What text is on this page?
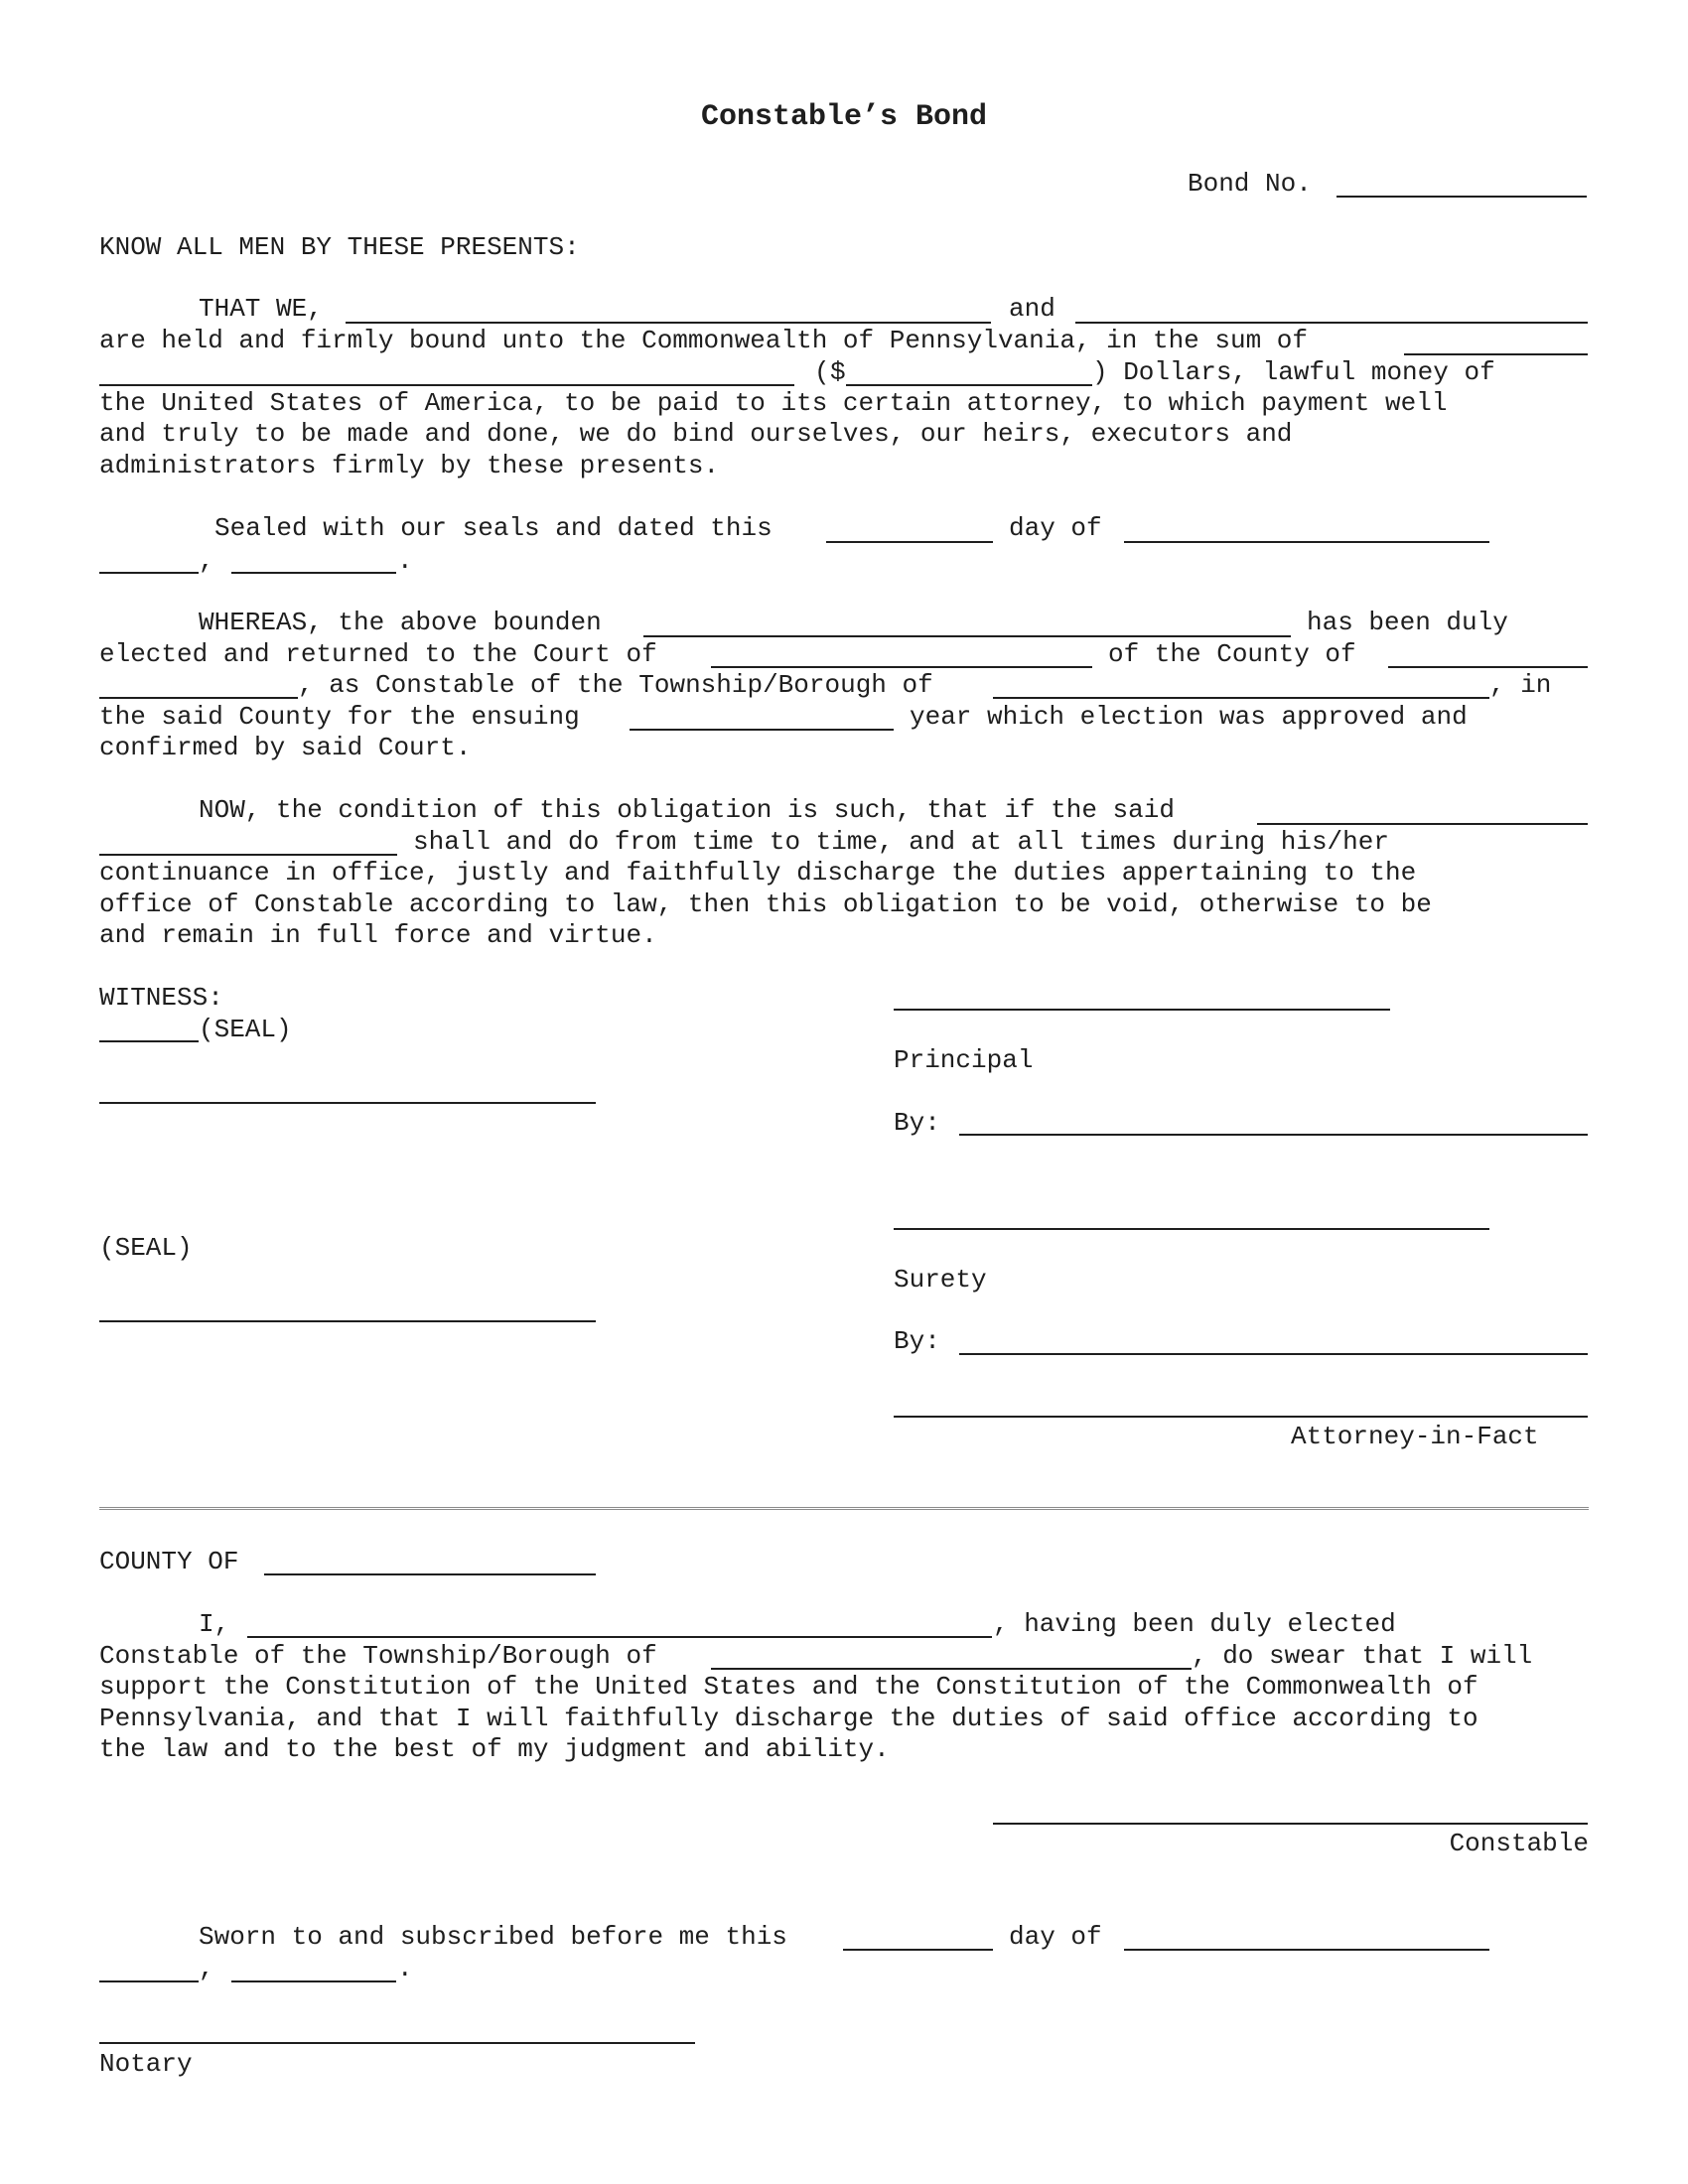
Constable’s Bond
Bond No.
KNOW ALL MEN BY THESE PRESENTS:
THAT WE,	and
are held and firmly bound unto the Commonwealth of Pennsylvania, in the sum of
( $	) Dollars, lawful money of
the United States of America, to be paid to its certain attorney, to which payment well
and truly to be made and done, we do bind ourselves, our heirs, executors and
administrators firmly by these presents.
Sealed with our seals and dated this	day of
,	.
WHEREAS, the above bounden	has been duly
elected and returned to the Court of	of the County of
, as Constable of the Township/Borough of	, in
the said County for the ensuing	year which election was approved and
confirmed by said Court.
NOW, the condition of this obligation is such, that if the said
shall and do from time to time, and at all times during his/her
continuance in office, justly and faithfully discharge the duties appertaining to the
office of Constable according to law, then this obligation to be void, otherwise to be
and remain in full force and virtue.
WITNESS:
(SEAL)
Principal
By:
(SEAL)
Surety
By:
Attorney-in-Fact
COUNTY OF
I,	, having been duly elected
Constable of the Township/Borough of	, do swear that I will
support the Constitution of the United States and the Constitution of the Commonwealth of
Pennsylvania, and that I will faithfully discharge the duties of said office according to
the law and to the best of my judgment and ability.
Constable
Sworn to and subscribed before me this	day of
,	.
Notary
